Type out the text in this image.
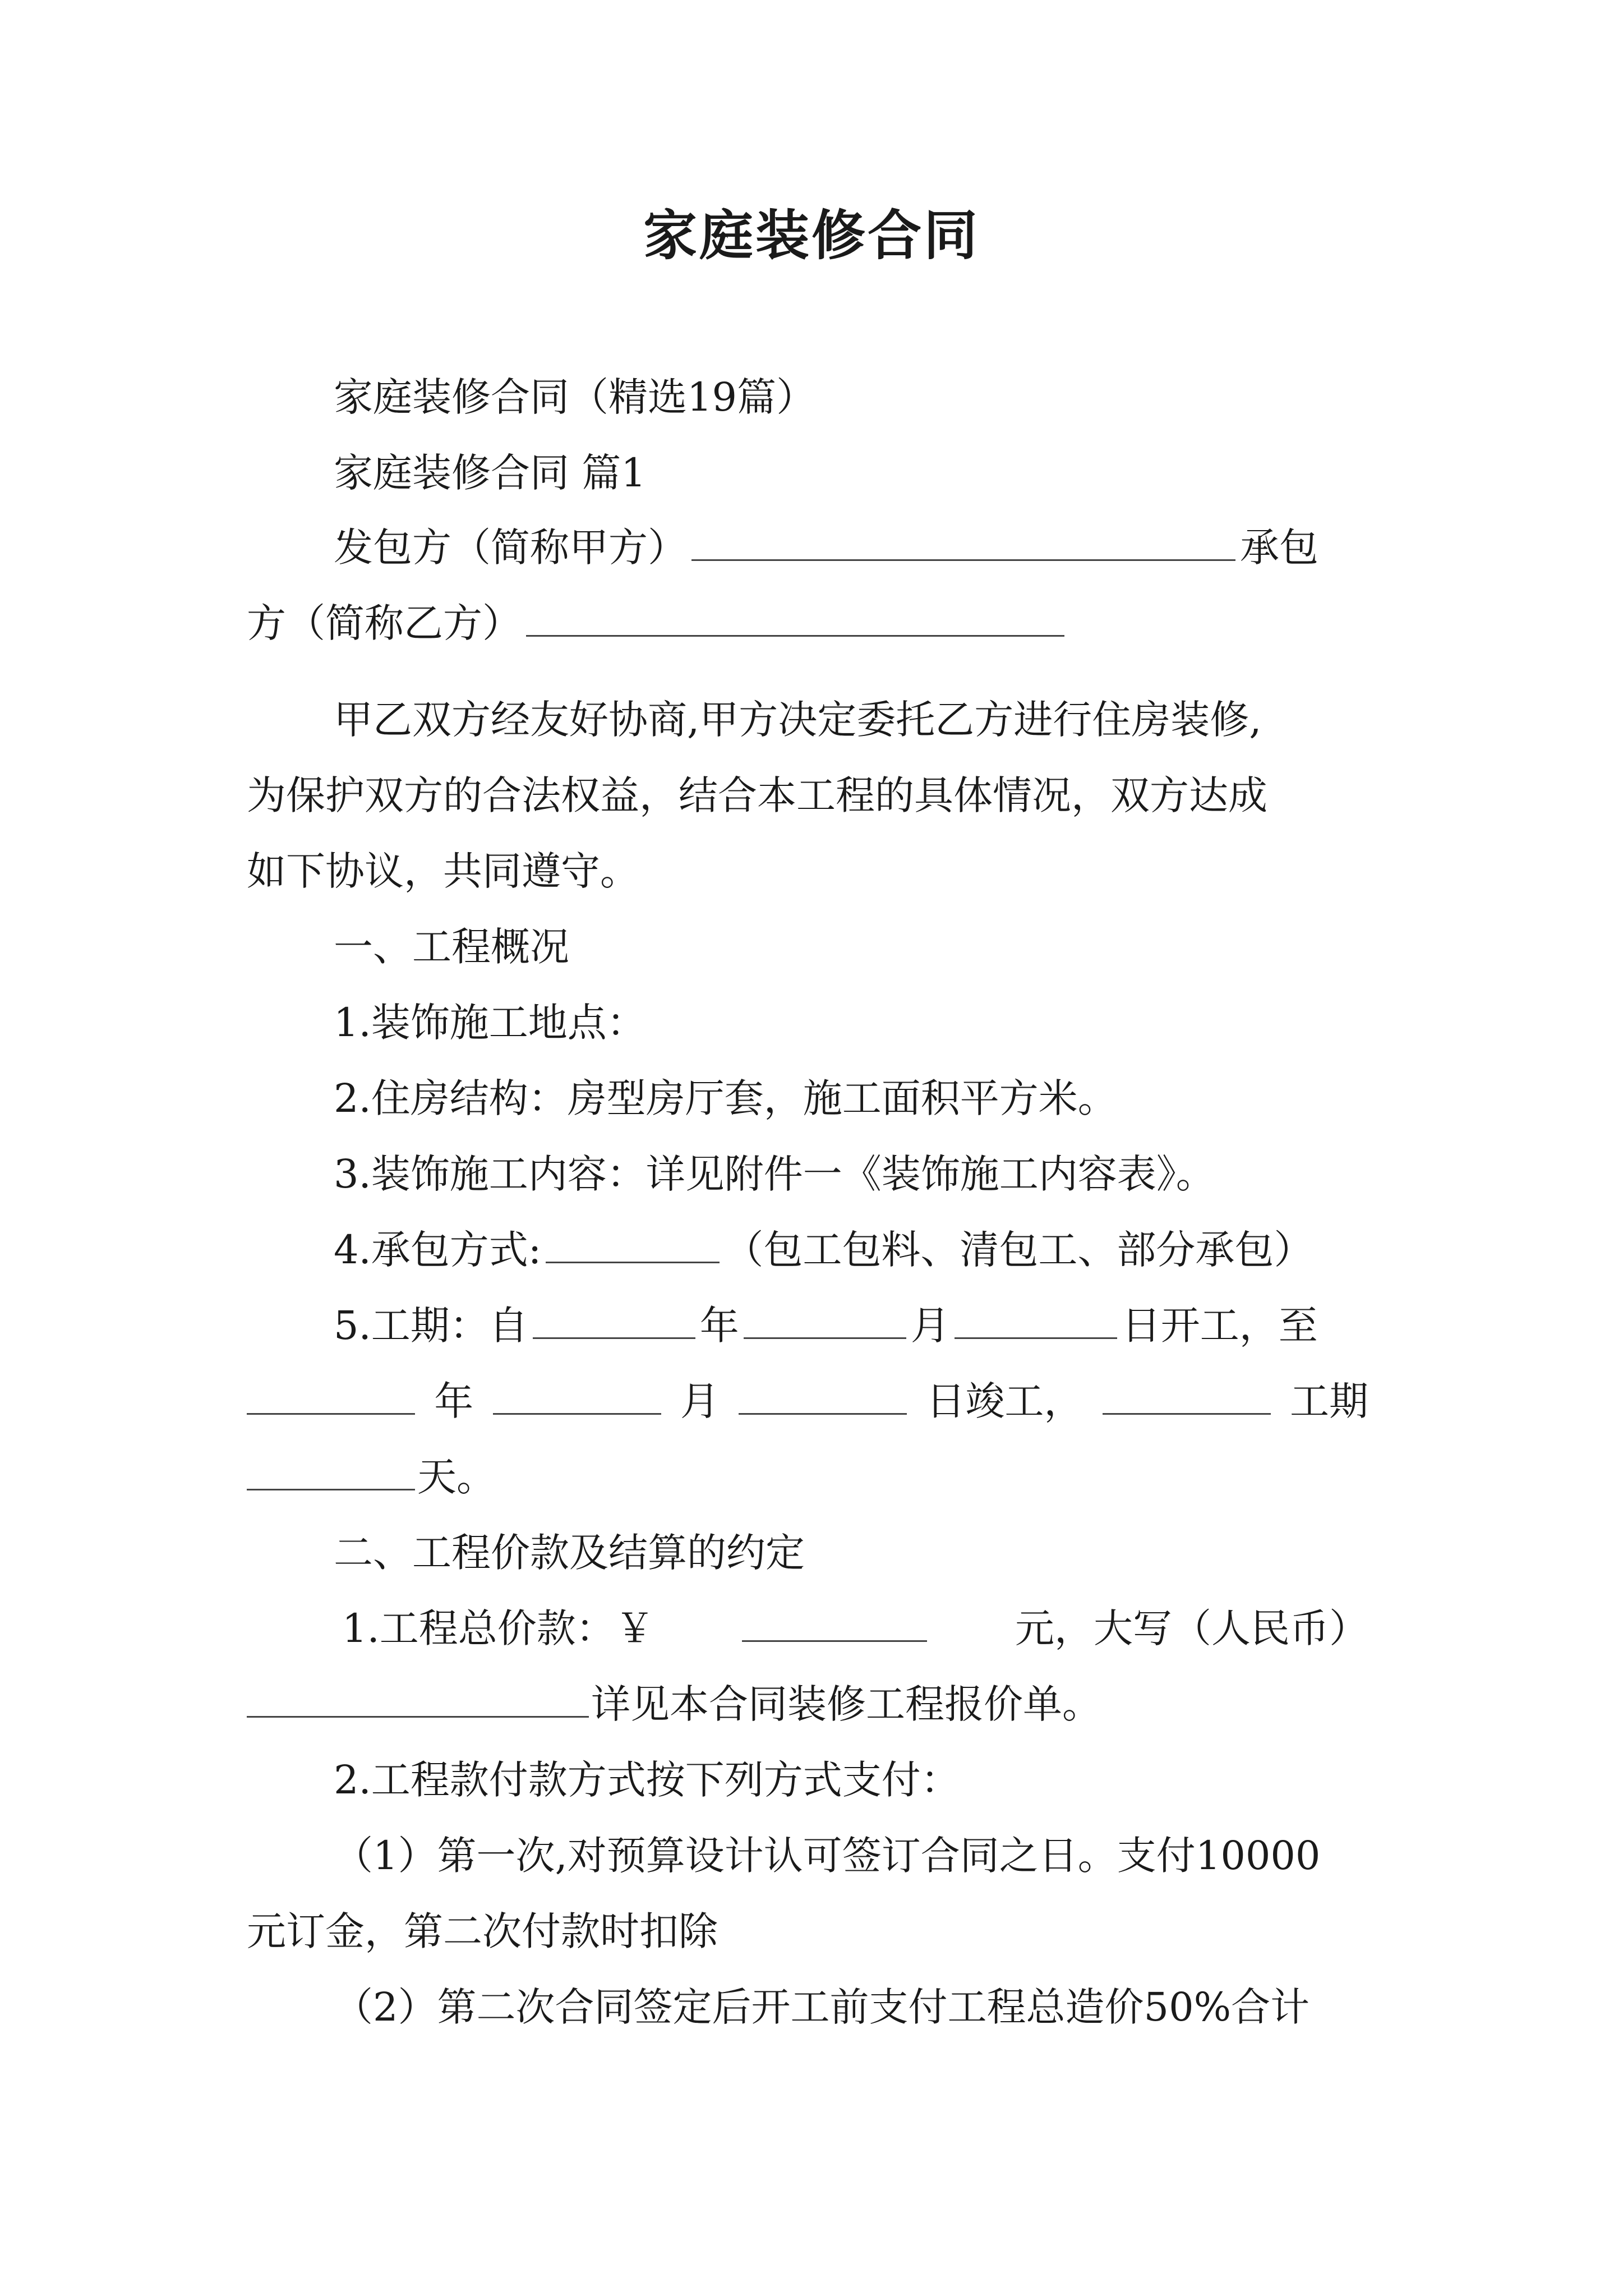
家庭装修合同
家庭装修合同（精选19篇）
家庭装修合同 篇1
发包方（简称甲方）	承包
方（简称乙方）
甲乙双方经友好协商,甲方决定委托乙方进行住房装修,
为保护双方的合法权益，结合本工程的具体情况，双方达成
如下协议，共同遵守。
一、工程概况
1.装饰施工地点：
2.住房结构：房型房厅套，施工面积平方米。
3.装饰施工内容：详见附件一《装饰施工内容表》。
4.承包方式:	（包工包料、清包工、部分承包）
5.工期：自	年	月	日开工，至
年	月	日竣工，	工期
天。
二、工程价款及结算的约定
1.工程总价款：￥	元，大写（人民币）
详见本合同装修工程报价单。
2.工程款付款方式按下列方式支付：
（1）第一次,对预算设计认可签订合同之日。支付10000
元订金，第二次付款时扣除
（2）第二次合同签定后开工前支付工程总造价50%合计
